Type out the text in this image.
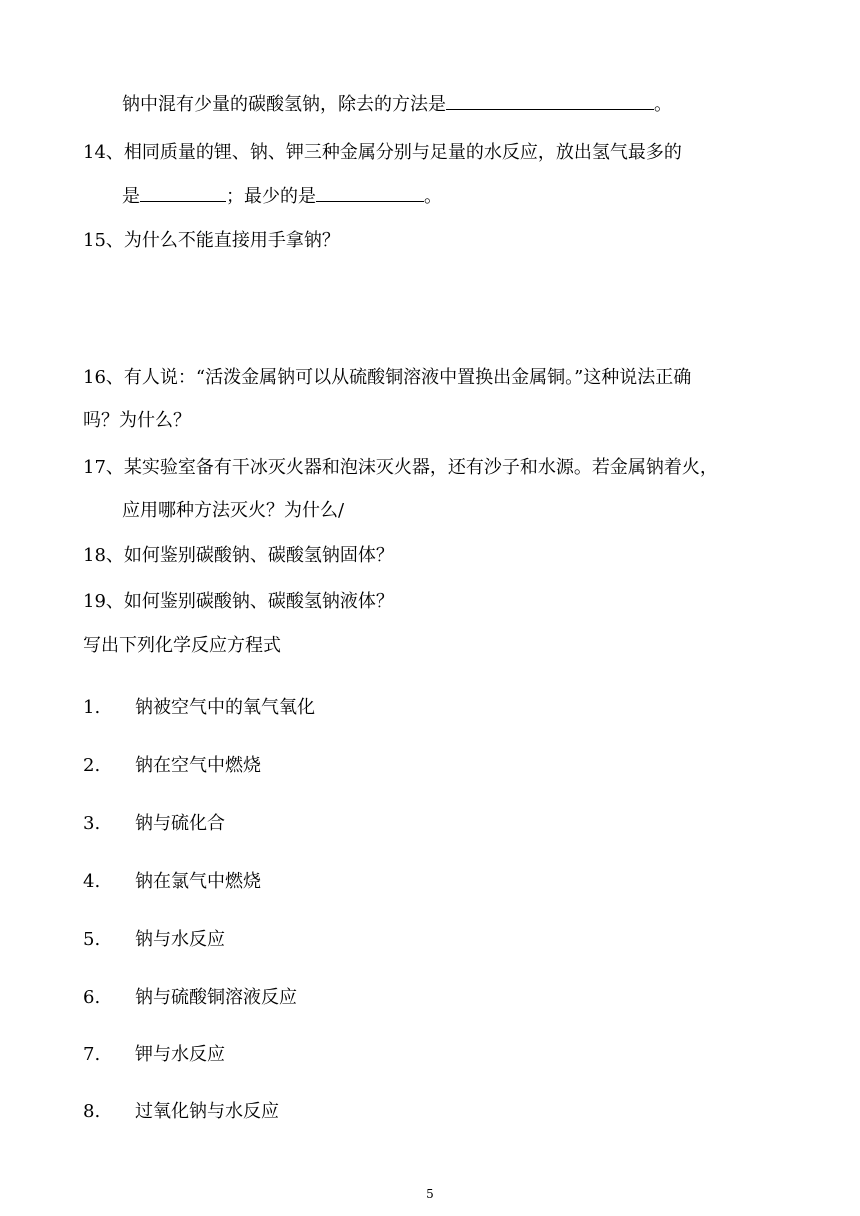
钠中混有少量的碳酸氢钠，除去的方法是	。
14、相同质量的锂、钠、钾三种金属分别与足量的水反应，放出氢气最多的
是	；最少的是	。
15、为什么不能直接用手拿钠？
16、有人说：“活泼金属钠可以从硫酸铜溶液中置换出金属铜。”这种说法正确
吗？为什么？
17、某实验室备有干冰灭火器和泡沫灭火器，还有沙子和水源。若金属钠着火，
应用哪种方法灭火？为什么/
18、如何鉴别碳酸钠、碳酸氢钠固体？
19、如何鉴别碳酸钠、碳酸氢钠液体？
写出下列化学反应方程式
1. 钠被空气中的氧气氧化
2. 钠在空气中燃烧
3. 钠与硫化合
4. 钠在氯气中燃烧
5. 钠与水反应
6. 钠与硫酸铜溶液反应
7. 钾与水反应
8. 过氧化钠与水反应
5
